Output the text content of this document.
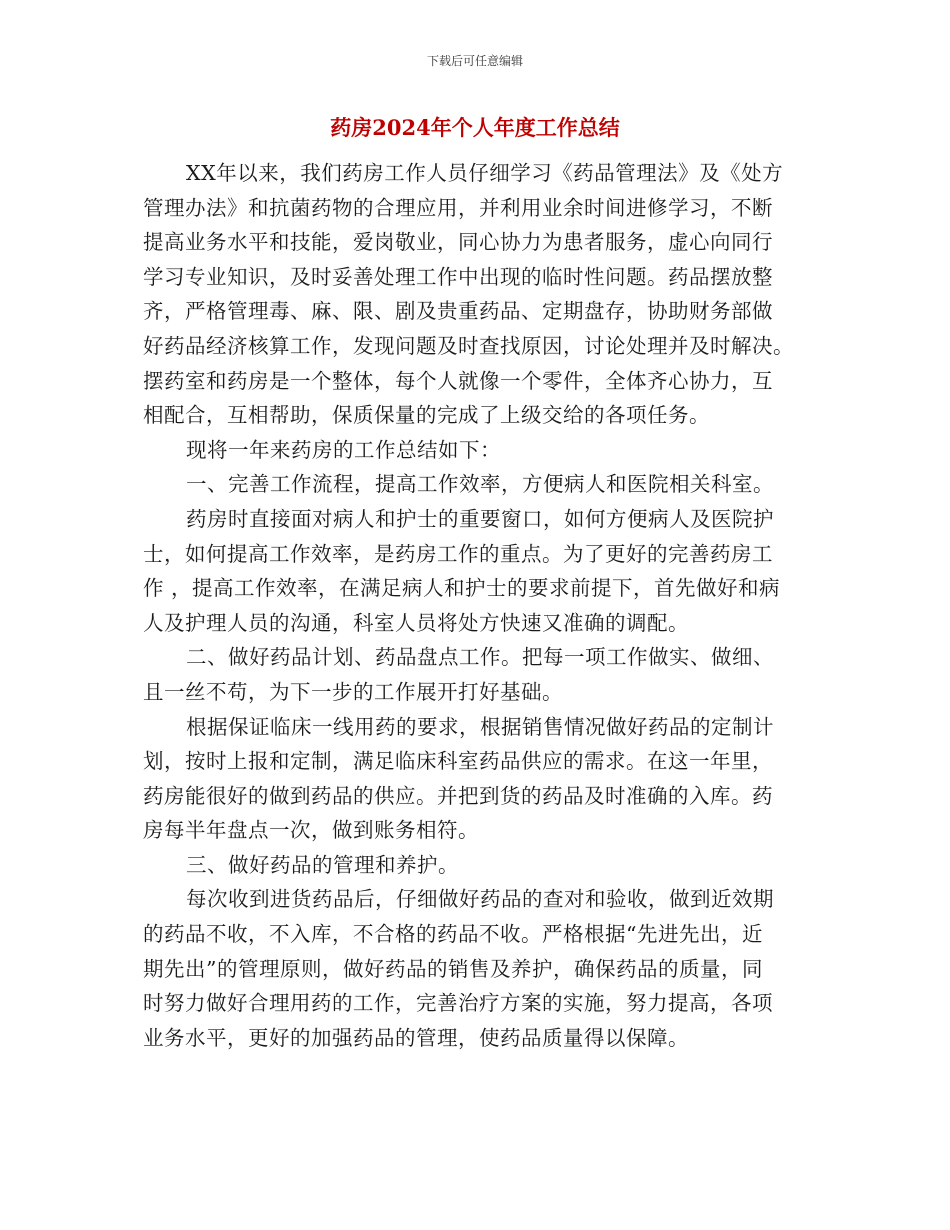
下载后可任意编辑
药房2024年个人年度工作总结

XX年以来，我们药房工作人员仔细学习《药品管理法》及《处方
管理办法》和抗菌药物的合理应用，并利用业余时间进修学习，不断
提高业务水平和技能，爱岗敬业，同心协力为患者服务，虚心向同行
学习专业知识，及时妥善处理工作中出现的临时性问题。药品摆放整
齐，严格管理毒、麻、限、剧及贵重药品、定期盘存，协助财务部做
好药品经济核算工作，发现问题及时查找原因，讨论处理并及时解决。
摆药室和药房是一个整体，每个人就像一个零件，全体齐心协力，互
相配合，互相帮助，保质保量的完成了上级交给的各项任务。

现将一年来药房的工作总结如下：

一、完善工作流程，提高工作效率，方便病人和医院相关科室。

药房时直接面对病人和护士的重要窗口，如何方便病人及医院护
士，如何提高工作效率，是药房工作的重点。为了更好的完善药房工
作 ，提高工作效率，在满足病人和护士的要求前提下，首先做好和病
人及护理人员的沟通，科室人员将处方快速又准确的调配。

二、做好药品计划、药品盘点工作。把每一项工作做实、做细、
且一丝不苟，为下一步的工作展开打好基础。

根据保证临床一线用药的要求，根据销售情况做好药品的定制计
划，按时上报和定制，满足临床科室药品供应的需求。在这一年里，
药房能很好的做到药品的供应。并把到货的药品及时准确的入库。药
房每半年盘点一次，做到账务相符。

三、做好药品的管理和养护。

每次收到进货药品后，仔细做好药品的查对和验收，做到近效期
的药品不收，不入库，不合格的药品不收。严格根据“先进先出，近
期先出”的管理原则，做好药品的销售及养护，确保药品的质量，同
时努力做好合理用药的工作，完善治疗方案的实施，努力提高，各项
业务水平，更好的加强药品的管理，使药品质量得以保障。
